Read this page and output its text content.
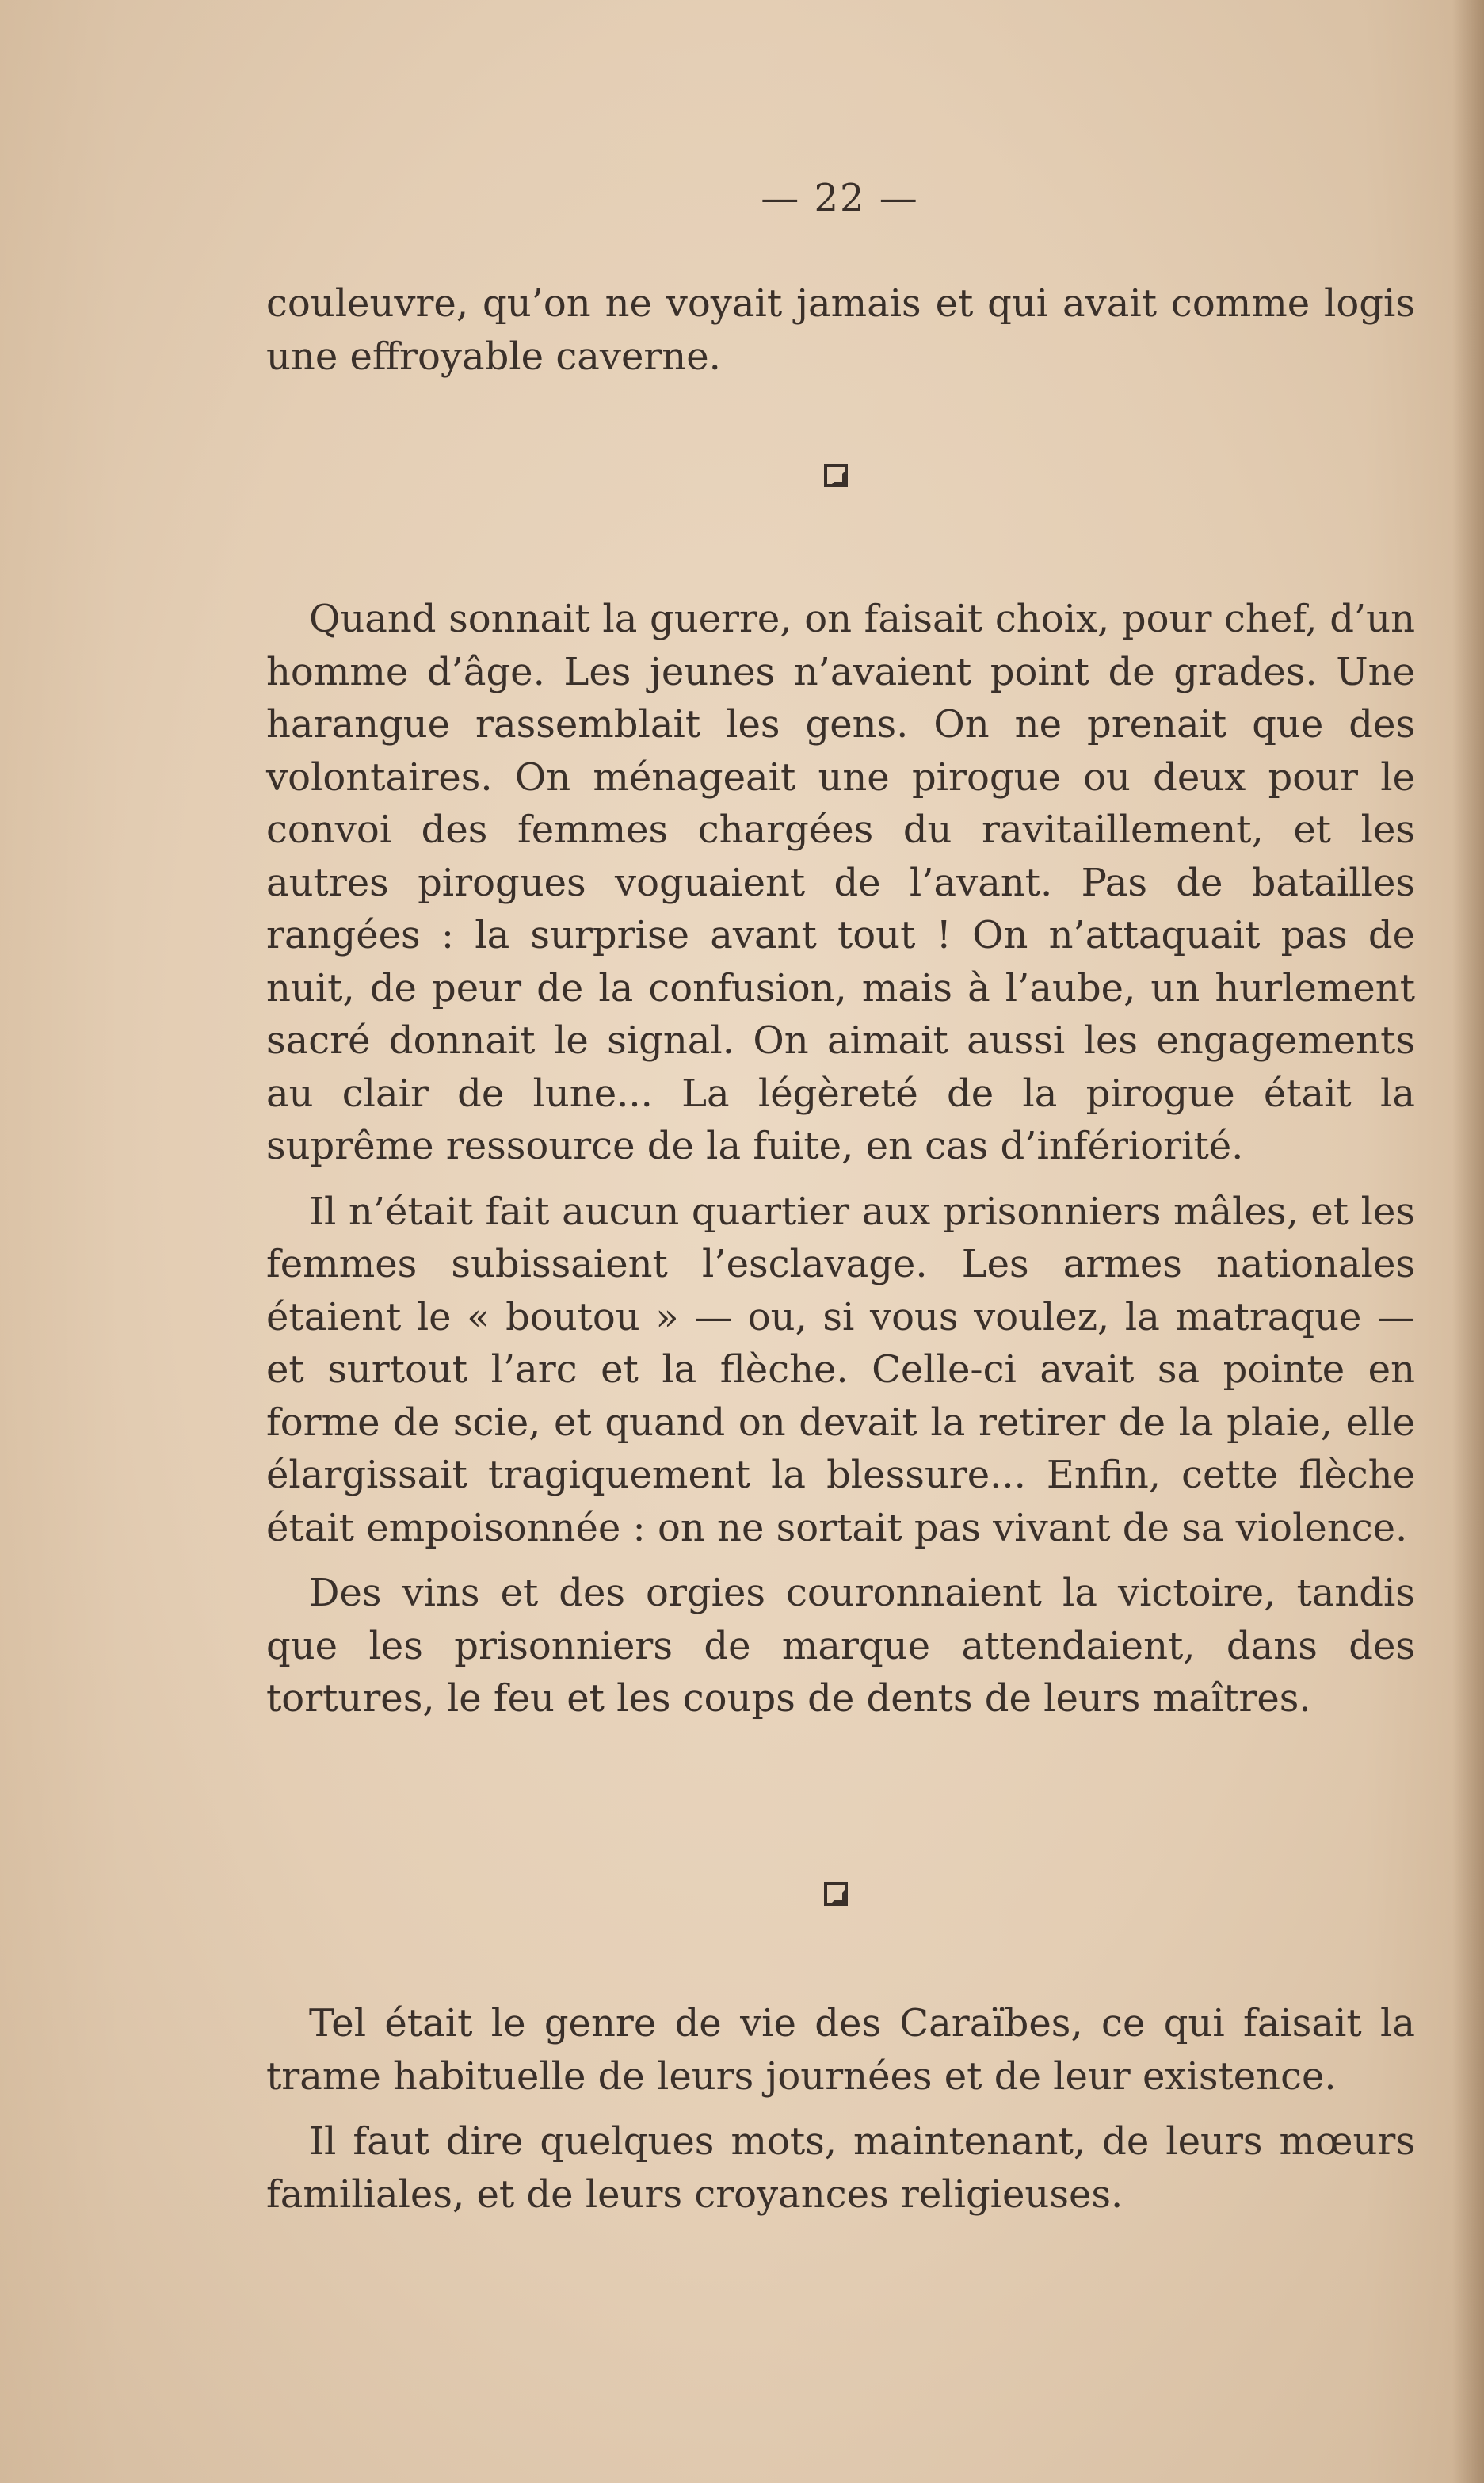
— 22 —

couleuvre, qu’on ne voyait jamais et qui avait comme logis une effroyable caverne.

Quand sonnait la guerre, on faisait choix, pour chef, d’un homme d’âge. Les jeunes n’avaient point de grades. Une harangue rassemblait les gens. On ne prenait que des volontaires. On ménageait une pirogue ou deux pour le convoi des femmes chargées du ravitaillement, et les autres pirogues voguaient de l’avant. Pas de batailles rangées : la surprise avant tout ! On n’attaquait pas de nuit, de peur de la confusion, mais à l’aube, un hurlement sacré donnait le signal. On aimait aussi les engagements au clair de lune... La légèreté de la pirogue était la suprême ressource de la fuite, en cas d’infériorité.

Il n’était fait aucun quartier aux prisonniers mâles, et les femmes subissaient l’esclavage. Les armes nationales étaient le « boutou » — ou, si vous voulez, la matraque — et surtout l’arc et la flèche. Celle-ci avait sa pointe en forme de scie, et quand on devait la retirer de la plaie, elle élargissait tragiquement la blessure... Enfin, cette flèche était empoisonnée : on ne sortait pas vivant de sa violence.

Des vins et des orgies couronnaient la victoire, tandis que les prisonniers de marque attendaient, dans des tortures, le feu et les coups de dents de leurs maîtres.

Tel était le genre de vie des Caraïbes, ce qui faisait la trame habituelle de leurs journées et de leur existence.

Il faut dire quelques mots, maintenant, de leurs mœurs familiales, et de leurs croyances religieuses.
